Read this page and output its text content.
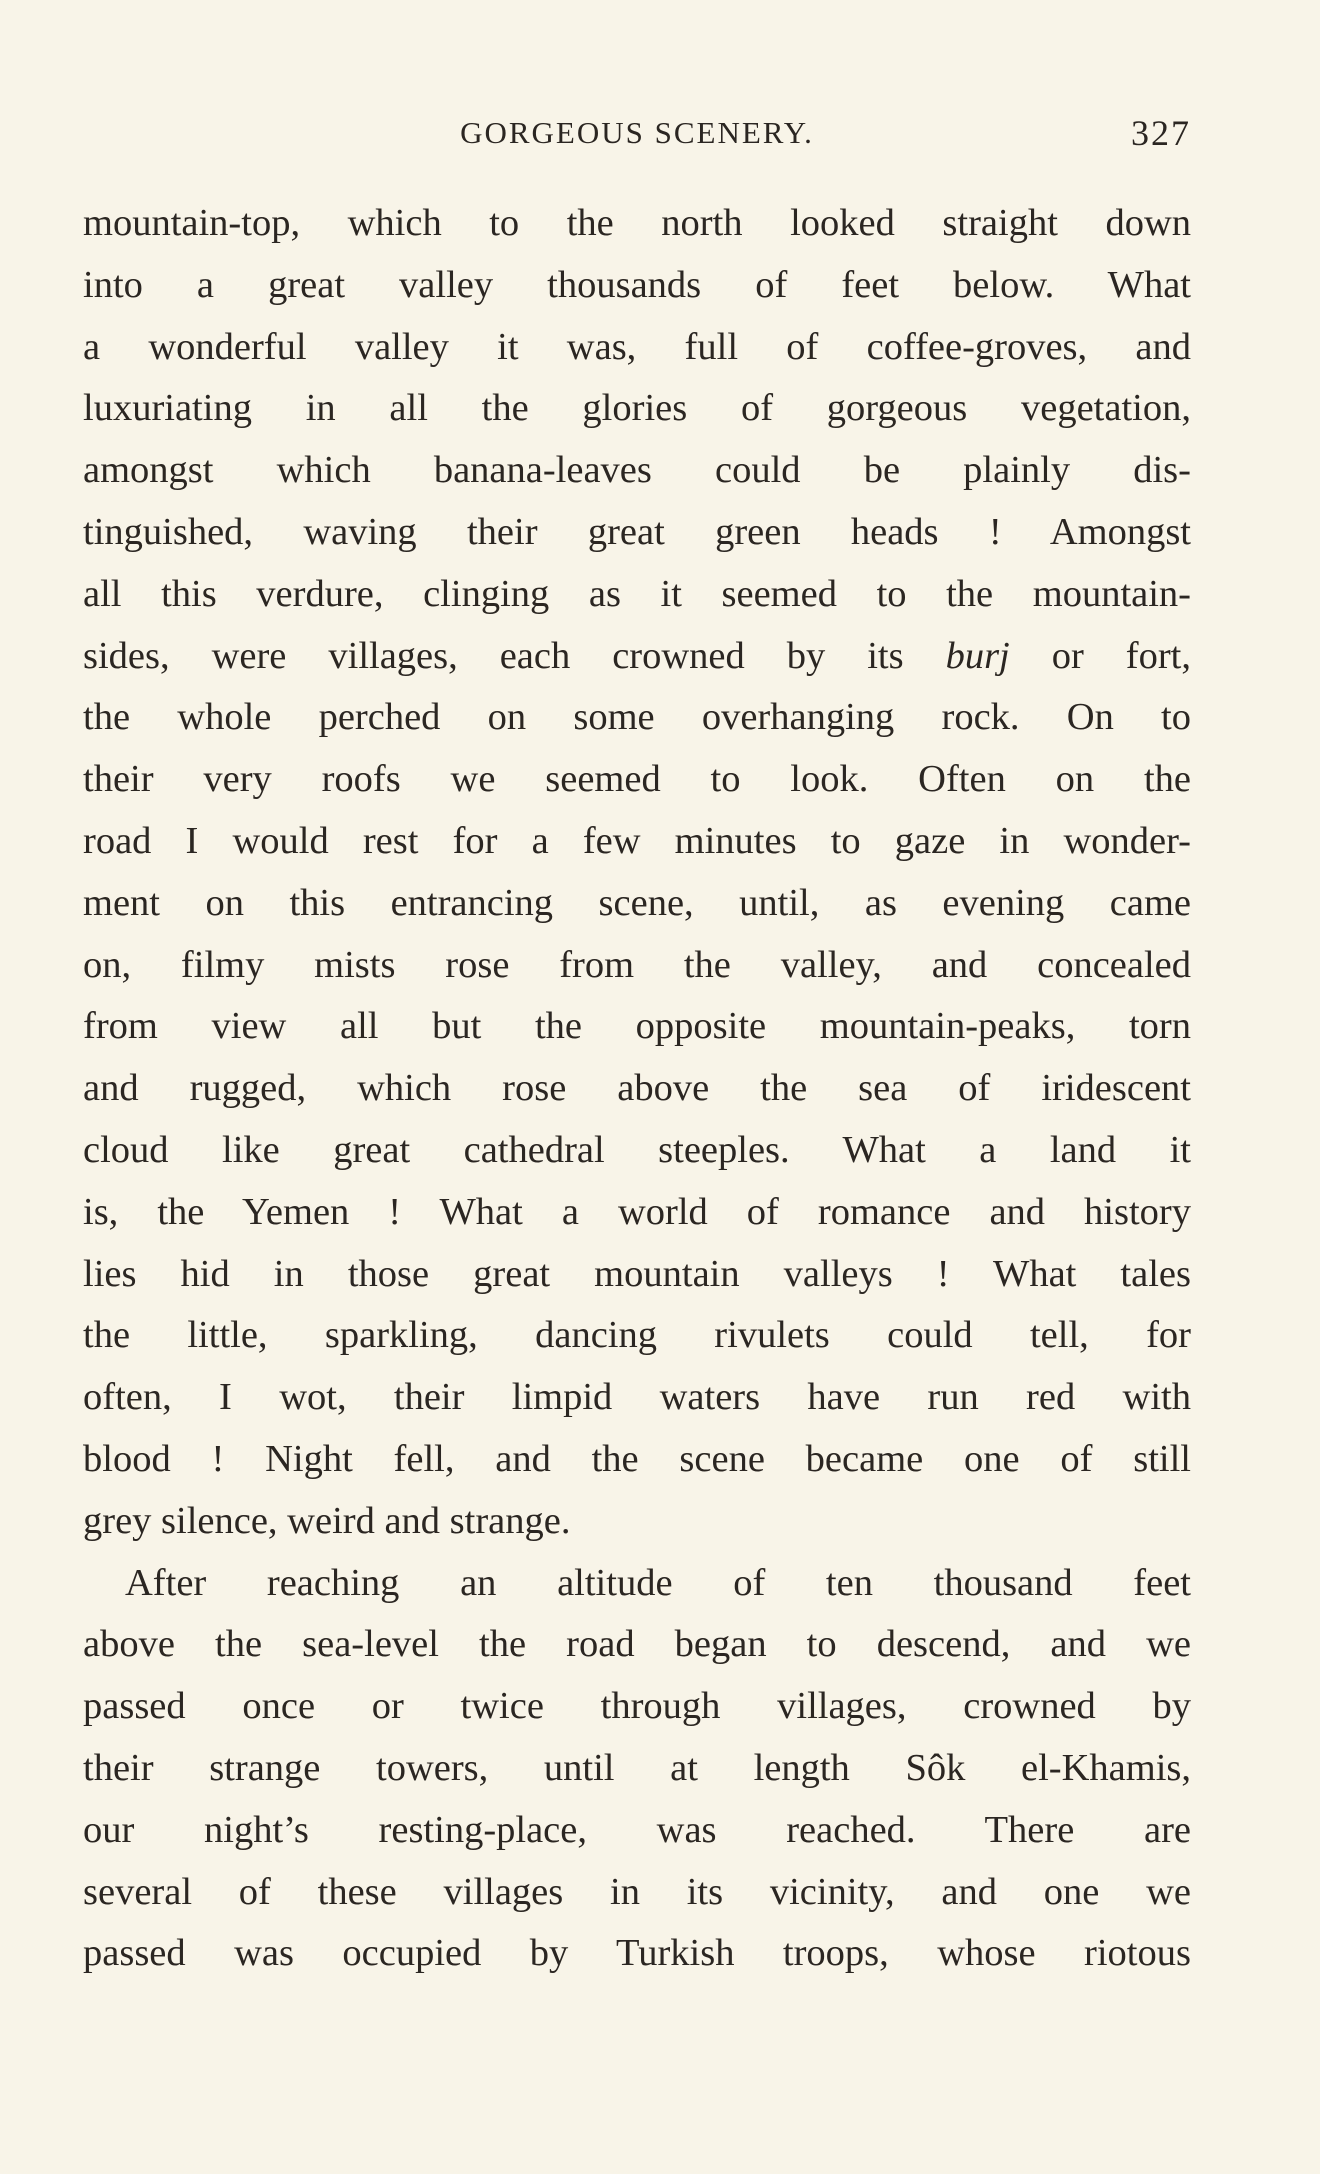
GORGEOUS SCENERY.	327
mountain-top, which to the north looked straight down
into a great valley thousands of feet below. What
a wonderful valley it was, full of coffee-groves, and
luxuriating in all the glories of gorgeous vegetation,
amongst which banana-leaves could be plainly dis-
tinguished, waving their great green heads ! Amongst
all this verdure, clinging as it seemed to the mountain-
sides, were villages, each crowned by its burj or fort,
the whole perched on some overhanging rock. On to
their very roofs we seemed to look. Often on the
road I would rest for a few minutes to gaze in wonder-
ment on this entrancing scene, until, as evening came
on, filmy mists rose from the valley, and concealed
from view all but the opposite mountain-peaks, torn
and rugged, which rose above the sea of iridescent
cloud like great cathedral steeples. What a land it
is, the Yemen ! What a world of romance and history
lies hid in those great mountain valleys ! What tales
the little, sparkling, dancing rivulets could tell, for
often, I wot, their limpid waters have run red with
blood ! Night fell, and the scene became one of still
grey silence, weird and strange.
After reaching an altitude of ten thousand feet
above the sea-level the road began to descend, and we
passed once or twice through villages, crowned by
their strange towers, until at length Sôk el-Khamis,
our night’s resting-place, was reached. There are
several of these villages in its vicinity, and one we
passed was occupied by Turkish troops, whose riotous
